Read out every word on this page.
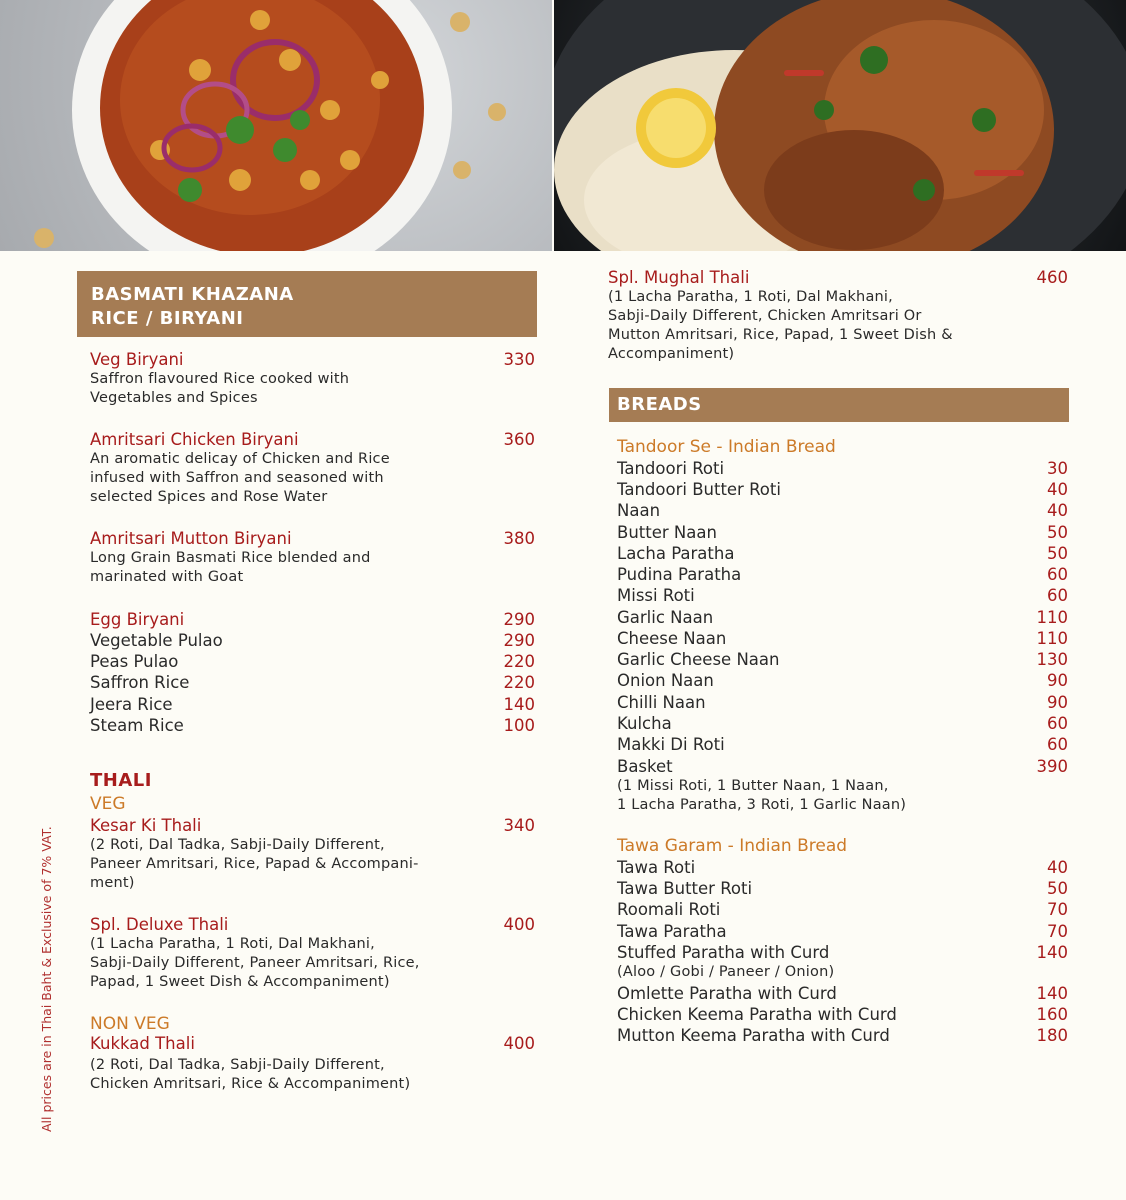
All prices are in Thai Baht & Exclusive of 7% VAT.
BASMATI KHAZANA
RICE / BIRYANI
Veg Biryani	330
Saffron flavoured Rice cooked with
Vegetables and Spices
Amritsari Chicken Biryani	360
An aromatic delicay of Chicken and Rice
infused with Saffron and seasoned with
selected Spices and Rose Water
Amritsari Mutton Biryani	380
Long Grain Basmati Rice blended and
marinated with Goat
Egg Biryani	290
Vegetable Pulao	290
Peas Pulao	220
Saffron Rice	220
Jeera Rice	140
Steam Rice	100
THALI
VEG
Kesar Ki Thali	340
(2 Roti, Dal Tadka, Sabji-Daily Different,
Paneer Amritsari, Rice, Papad & Accompani-
ment)
Spl. Deluxe Thali	400
(1 Lacha Paratha, 1 Roti, Dal Makhani,
Sabji-Daily Different, Paneer Amritsari, Rice,
Papad, 1 Sweet Dish & Accompaniment)
NON VEG
Kukkad Thali	400
(2 Roti, Dal Tadka, Sabji-Daily Different,
Chicken Amritsari, Rice & Accompaniment)
Spl. Mughal Thali	460
(1 Lacha Paratha, 1 Roti, Dal Makhani,
Sabji-Daily Different, Chicken Amritsari Or
Mutton Amritsari, Rice, Papad, 1 Sweet Dish &
Accompaniment)
BREADS
Tandoor Se - Indian Bread
Tandoori Roti	30
Tandoori Butter Roti	40
Naan	40
Butter Naan	50
Lacha Paratha	50
Pudina Paratha	60
Missi Roti	60
Garlic Naan	110
Cheese Naan	110
Garlic Cheese Naan	130
Onion Naan	90
Chilli Naan	90
Kulcha	60
Makki Di Roti	60
Basket	390
(1 Missi Roti, 1 Butter Naan, 1 Naan,
1 Lacha Paratha, 3 Roti, 1 Garlic Naan)
Tawa Garam - Indian Bread
Tawa Roti	40
Tawa Butter Roti	50
Roomali Roti	70
Tawa Paratha	70
Stuffed Paratha with Curd	140
(Aloo / Gobi / Paneer / Onion)
Omlette Paratha with Curd	140
Chicken Keema Paratha with Curd	160
Mutton Keema Paratha with Curd	180
